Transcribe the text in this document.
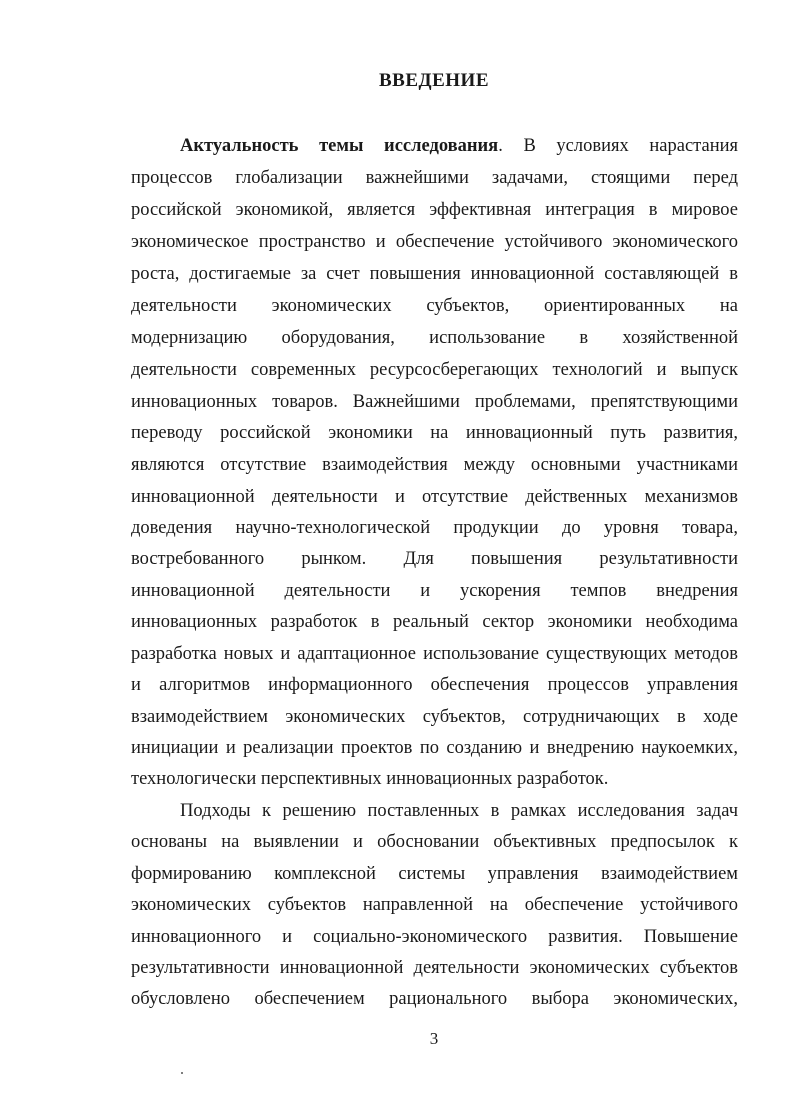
ВВЕДЕНИЕ

Актуальность темы исследования. В условиях нарастания

процессов глобализации важнейшими задачами, стоящими перед

российской экономикой, является эффективная интеграция в мировое

экономическое пространство и обеспечение устойчивого экономического

роста, достигаемые за счет повышения инновационной составляющей в

деятельности экономических субъектов, ориентированных на

модернизацию оборудования, использование в хозяйственной

деятельности современных ресурсосберегающих технологий и выпуск

инновационных товаров. Важнейшими проблемами, препятствующими

переводу российской экономики на инновационный путь развития,

являются отсутствие взаимодействия между основными участниками

инновационной деятельности и отсутствие действенных механизмов

доведения научно-технологической продукции до уровня товара,

востребованного рынком. Для повышения результативности

инновационной деятельности и ускорения темпов внедрения

инновационных разработок в реальный сектор экономики необходима

разработка новых и адаптационное использование существующих методов

и алгоритмов информационного обеспечения процессов управления

взаимодействием экономических субъектов, сотрудничающих в ходе

инициации и реализации проектов по созданию и внедрению наукоемких,

технологически перспективных инновационных разработок.

Подходы к решению поставленных в рамках исследования задач

основаны на выявлении и обосновании объективных предпосылок к

формированию комплексной системы управления взаимодействием

экономических субъектов направленной на обеспечение устойчивого

инновационного и социально-экономического развития. Повышение

результативности инновационной деятельности экономических субъектов

обусловлено обеспечением рационального выбора экономических,

3
